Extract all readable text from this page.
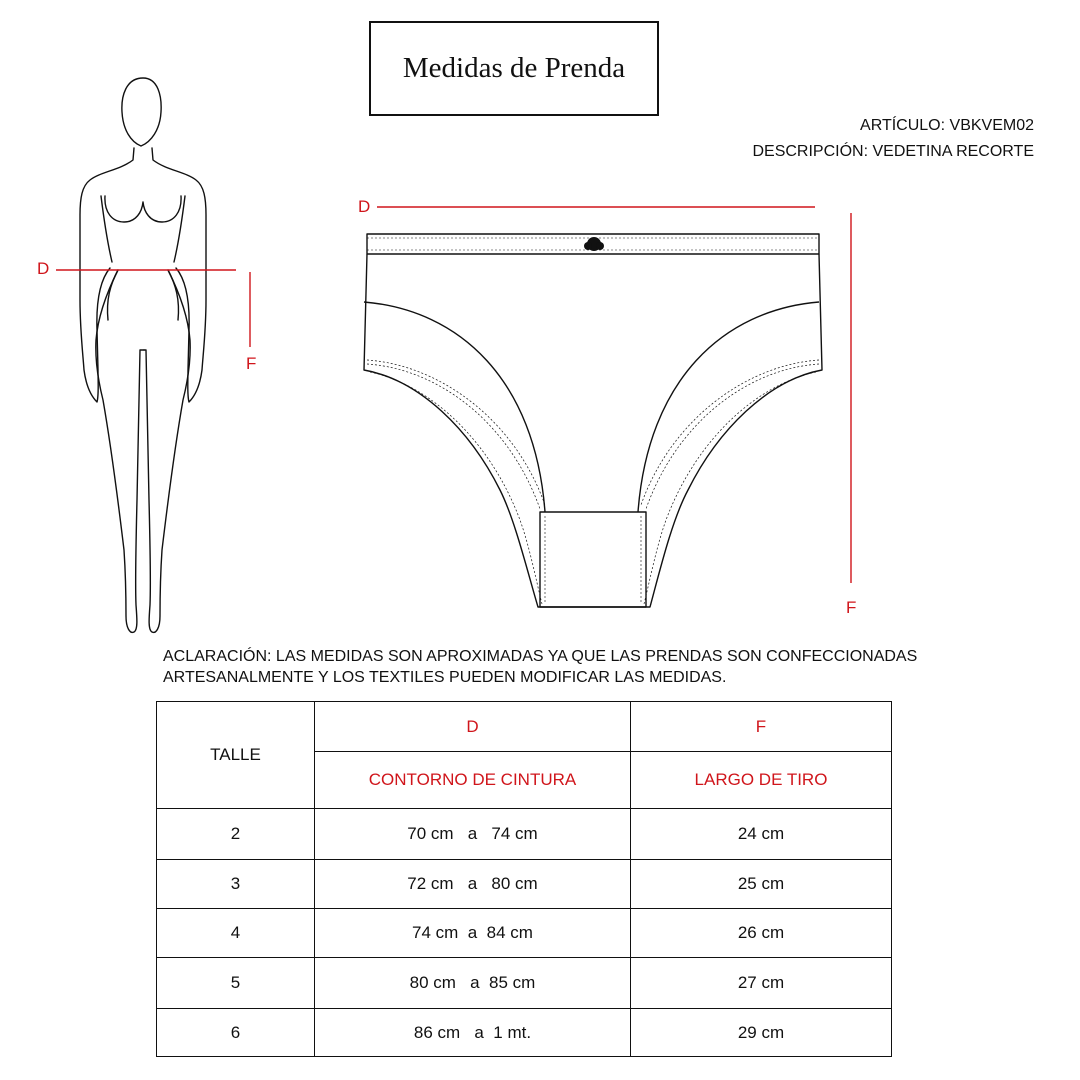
Medidas de Prenda
ARTÍCULO: VBKVEM02
DESCRIPCIÓN: VEDETINA RECORTE
D
F
D
F
ACLARACIÓN: LAS MEDIDAS SON APROXIMADAS YA QUE LAS PRENDAS SON CONFECCIONADAS
ARTESANALMENTE Y LOS TEXTILES PUEDEN MODIFICAR LAS MEDIDAS.
TALLE	D	F
	CONTORNO DE CINTURA	LARGO DE TIRO
2	70 cm   a   74 cm	24 cm
3	72 cm   a   80 cm	25 cm
4	74 cm  a  84 cm	26 cm
5	80 cm   a  85 cm	27 cm
6	86 cm   a  1 mt.	29 cm
